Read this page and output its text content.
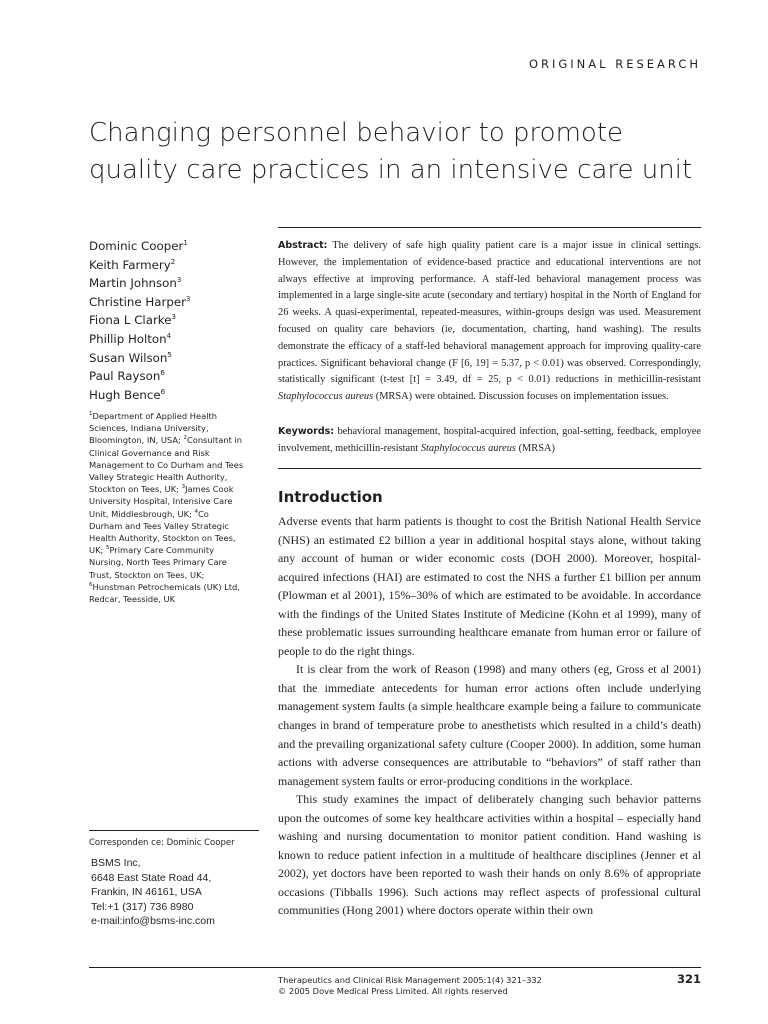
ORIGINAL RESEARCH
Changing personnel behavior to promote quality care practices in an intensive care unit
Dominic Cooper$^1$
Keith Farmery$^2$
Martin Johnson$^3$
Christine Harper$^3$
Fiona L Clarke$^3$
Phillip Holton$^4$
Susan Wilson$^5$
Paul Rayson$^6$
Hugh Bence$^6$
$^1$Department of Applied Health
Sciences, Indiana University,
Bloomington, IN, USA; $^2$Consultant in
Clinical Governance and Risk
Management to Co Durham and Tees
Valley Strategic Health Authority,
Stockton on Tees, UK; $^3$James Cook
University Hospital, Intensive Care
Unit, Middlesbrough, UK; $^4$Co
Durham and Tees Valley Strategic
Health Authority, Stockton on Tees,
UK; $^5$Primary Care Community
Nursing, North Tees Primary Care
Trust, Stockton on Tees, UK;
$^6$Hunstman Petrochemicals (UK) Ltd,
Redcar, Teesside, UK
Corresponden ce: Dominic Cooper
BSMS Inc,
6648 East State Road 44,
Frankin, IN 46161, USA
Tel:+1 (317) 736 8980
e-mail:info@bsms-inc.com
Abstract: The delivery of safe high quality patient care is a major issue in clinical settings. However, the implementation of evidence-based practice and educational interventions are not always effective at improving performance. A staff-led behavioral management process was implemented in a large single-site acute (secondary and tertiary) hospital in the North of England for 26 weeks. A quasi-experimental, repeated-measures, within-groups design was used. Measurement focused on quality care behaviors (ie, documentation, charting, hand washing). The results demonstrate the efficacy of a staff-led behavioral management approach for improving quality-care practices. Significant behavioral change (F [6, 19] = 5.37, p < 0.01) was observed. Correspondingly, statistically significant (t-test [t] = 3.49, df = 25, p < 0.01) reductions in methicillin-resistant Staphylococcus aureus (MRSA) were obtained. Discussion focuses on implementation issues.
Keywords: behavioral management, hospital-acquired infection, goal-setting, feedback, employee involvement, methicillin-resistant Staphylococcus aureus (MRSA)
Introduction

Adverse events that harm patients is thought to cost the British National Health Service (NHS) an estimated £2 billion a year in additional hospital stays alone, without taking any account of human or wider economic costs (DOH 2000). Moreover, hospital-acquired infections (HAI) are estimated to cost the NHS a further £1 billion per annum (Plowman et al 2001), 15%–30% of which are estimated to be avoidable. In accordance with the findings of the United States Institute of Medicine (Kohn et al 1999), many of these problematic issues surrounding healthcare emanate from human error or failure of people to do the right things.

It is clear from the work of Reason (1998) and many others (eg, Gross et al 2001) that the immediate antecedents for human error actions often include underlying management system faults (a simple healthcare example being a failure to communicate changes in brand of temperature probe to anesthetists which resulted in a child’s death) and the prevailing organizational safety culture (Cooper 2000). In addition, some human actions with adverse consequences are attributable to “behaviors” of staff rather than management system faults or error-producing conditions in the workplace.

This study examines the impact of deliberately changing such behavior patterns upon the outcomes of some key healthcare activities within a hospital – especially hand washing and nursing documentation to monitor patient condition. Hand washing is known to reduce patient infection in a multitude of healthcare disciplines (Jenner et al 2002), yet doctors have been reported to wash their hands on only 8.6% of appropriate occasions (Tibballs 1996). Such actions may reflect aspects of professional cultural communities (Hong 2001) where doctors operate within their own

Therapeutics and Clinical Risk Management 2005:1(4) 321–332
© 2005 Dove Medical Press Limited. All rights reserved
321
